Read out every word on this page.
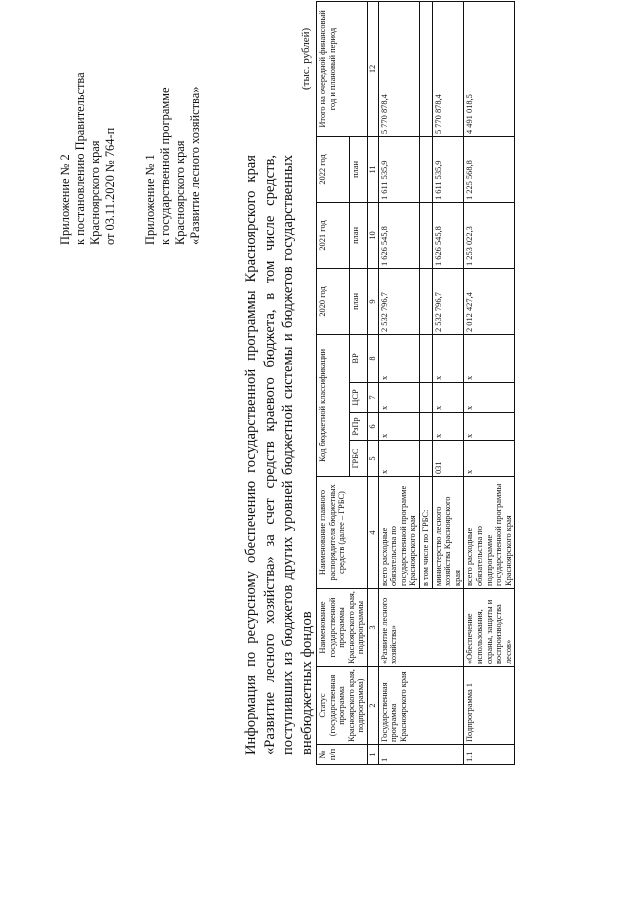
Приложение № 2 к постановлению Правительства Красноярского края от 03.11.2020 № 764-п Приложение № 1 к государственной программе Красноярского края «Развитие лесного хозяйства»	Информация по ресурсному обеспечению государственной программы Красноярского края «Развитие лесного хозяйства» за счет средств краевого бюджета, в том числе средств, поступивших из бюджетов других уровней бюджетной системы и бюджетов государственных внебюджетных фондов
(тыс. рублей)
№ п/п	Статус (государственная программа Красноярского края, подпрограмма)	Наименование государственной программы Красноярского края, подпрограммы	Наименование главного распорядителя бюджетных средств (далее – ГРБС)	Код бюджетной классификации				2020 год	2021 год	2022 год	Итого на очередной финансовый год и плановый период
				ГРБС	РзПр	ЦСР	ВР	план	план	план	
1	2	3	4	5	6	7	8	9	10	11	12
1	Государственная программа Красноярского края	«Развитие лесного хозяйства»	всего расходные обязательства по государственной программе Красноярского края	х	х	х	х	2 532 796,7	1 626 545,8	1 611 535,9	5 770 878,4
			в том числе по ГРБС:								
			министерство лесного хозяйства Красноярского края	031	х	х	х	2 532 796,7	1 626 545,8	1 611 535,9	5 770 878,4
1.1	Подпрограмма 1	«Обеспечение использования, охраны, защиты и воспроизводства лесов»	всего расходные обязательства по подпрограмме государственной программы Красноярского края	х	х	х	х	2 012 427,4	1 253 022,3	1 225 568,8	4 491 018,5
